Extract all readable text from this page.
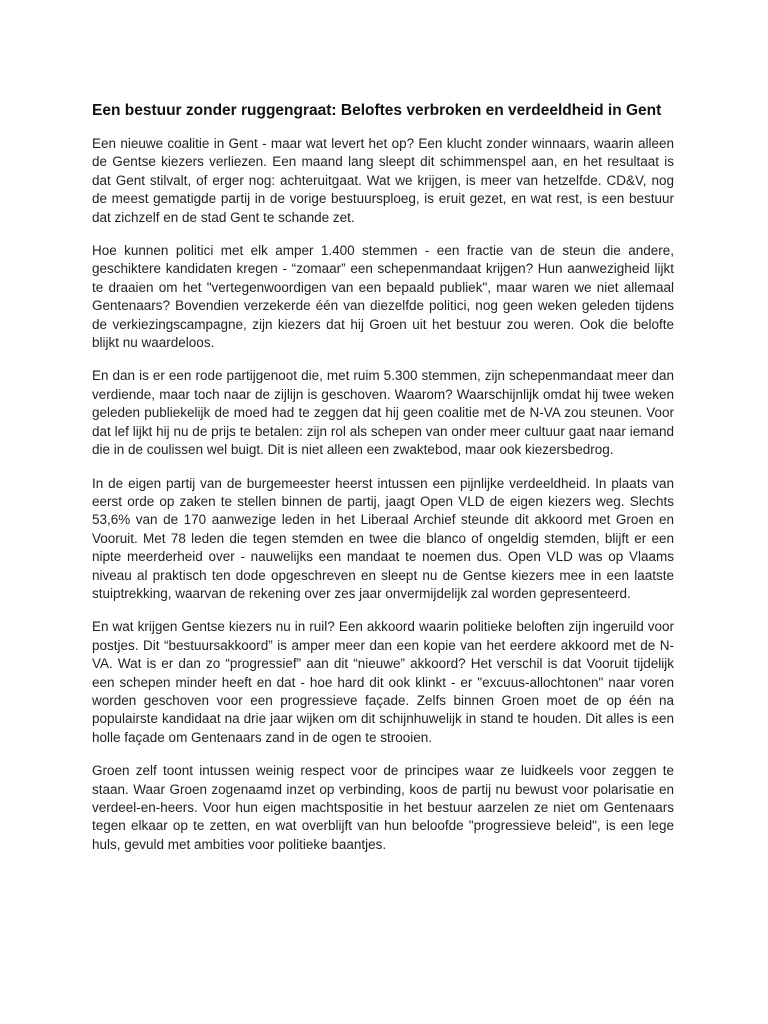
Een bestuur zonder ruggengraat: Beloftes verbroken en verdeeldheid in Gent

Een nieuwe coalitie in Gent - maar wat levert het op? Een klucht zonder winnaars, waarin alleen de Gentse kiezers verliezen. Een maand lang sleept dit schimmenspel aan, en het resultaat is dat Gent stilvalt, of erger nog: achteruitgaat. Wat we krijgen, is meer van hetzelfde. CD&V, nog de meest gematigde partij in de vorige bestuursploeg, is eruit gezet, en wat rest, is een bestuur dat zichzelf en de stad Gent te schande zet.

Hoe kunnen politici met elk amper 1.400 stemmen - een fractie van de steun die andere, geschiktere kandidaten kregen - “zomaar” een schepenmandaat krijgen? Hun aanwezigheid lijkt te draaien om het "vertegenwoordigen van een bepaald publiek", maar waren we niet allemaal Gentenaars? Bovendien verzekerde één van diezelfde politici, nog geen weken geleden tijdens de verkiezingscampagne, zijn kiezers dat hij Groen uit het bestuur zou weren. Ook die belofte blijkt nu waardeloos.

En dan is er een rode partijgenoot die, met ruim 5.300 stemmen, zijn schepenmandaat meer dan verdiende, maar toch naar de zijlijn is geschoven. Waarom? Waarschijnlijk omdat hij twee weken geleden publiekelijk de moed had te zeggen dat hij geen coalitie met de N-VA zou steunen. Voor dat lef lijkt hij nu de prijs te betalen: zijn rol als schepen van onder meer cultuur gaat naar iemand die in de coulissen wel buigt. Dit is niet alleen een zwaktebod, maar ook kiezersbedrog.

In de eigen partij van de burgemeester heerst intussen een pijnlijke verdeeldheid. In plaats van eerst orde op zaken te stellen binnen de partij, jaagt Open VLD de eigen kiezers weg. Slechts 53,6% van de 170 aanwezige leden in het Liberaal Archief steunde dit akkoord met Groen en Vooruit. Met 78 leden die tegen stemden en twee die blanco of ongeldig stemden, blijft er een nipte meerderheid over - nauwelijks een mandaat te noemen dus. Open VLD was op Vlaams niveau al praktisch ten dode opgeschreven en sleept nu de Gentse kiezers mee in een laatste stuiptrekking, waarvan de rekening over zes jaar onvermijdelijk zal worden gepresenteerd.

En wat krijgen Gentse kiezers nu in ruil? Een akkoord waarin politieke beloften zijn ingeruild voor postjes. Dit “bestuursakkoord” is amper meer dan een kopie van het eerdere akkoord met de N-VA. Wat is er dan zo “progressief” aan dit “nieuwe” akkoord? Het verschil is dat Vooruit tijdelijk een schepen minder heeft en dat - hoe hard dit ook klinkt - er "excuus-allochtonen" naar voren worden geschoven voor een progressieve façade. Zelfs binnen Groen moet de op één na populairste kandidaat na drie jaar wijken om dit schijnhuwelijk in stand te houden. Dit alles is een holle façade om Gentenaars zand in de ogen te strooien.

Groen zelf toont intussen weinig respect voor de principes waar ze luidkeels voor zeggen te staan. Waar Groen zogenaamd inzet op verbinding, koos de partij nu bewust voor polarisatie en verdeel-en-heers. Voor hun eigen machtspositie in het bestuur aarzelen ze niet om Gentenaars tegen elkaar op te zetten, en wat overblijft van hun beloofde "progressieve beleid", is een lege huls, gevuld met ambities voor politieke baantjes.
